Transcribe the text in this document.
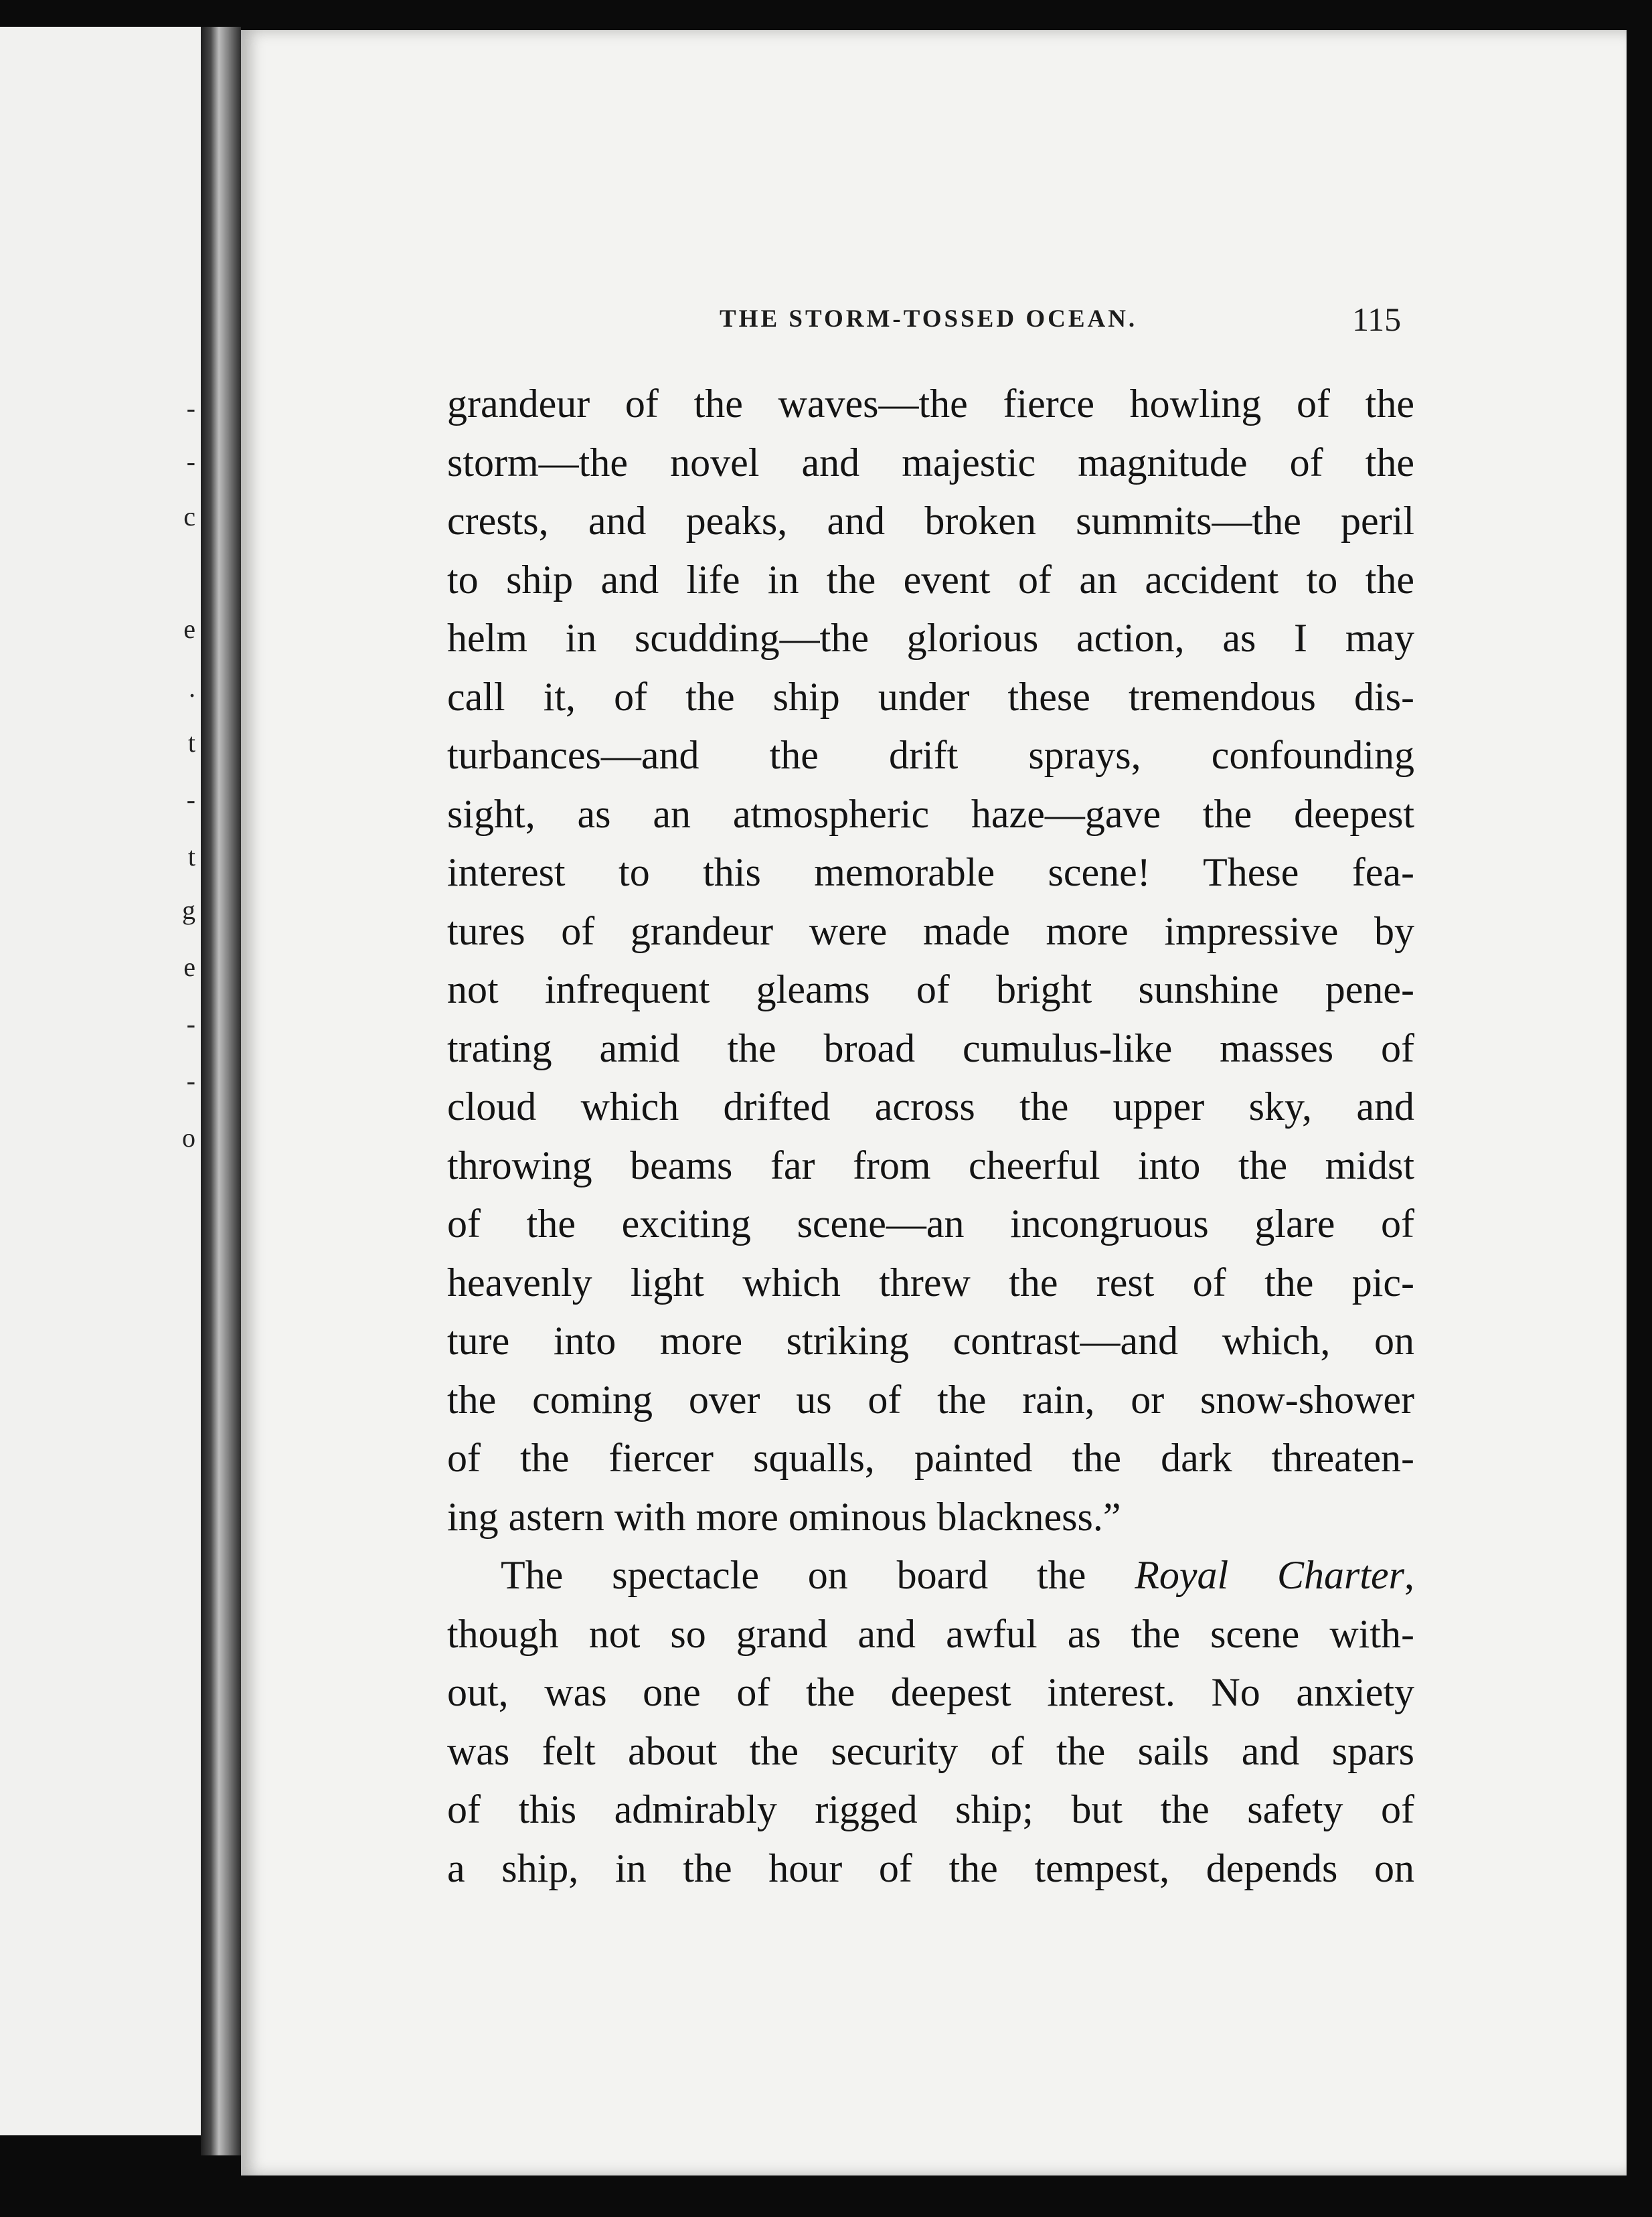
-
-
c
e
.
t
-
t
g
e
-
-
o
THE STORM-TOSSED OCEAN.	115
grandeur of the waves—the fierce howling of the
storm—the novel and majestic magnitude of the
crests, and peaks, and broken summits—the peril
to ship and life in the event of an accident to the
helm in scudding—the glorious action, as I may
call it, of the ship under these tremendous dis-
turbances—and the drift sprays, confounding
sight, as an atmospheric haze—gave the deepest
interest to this memorable scene! These fea-
tures of grandeur were made more impressive by
not infrequent gleams of bright sunshine pene-
trating amid the broad cumulus-like masses of
cloud which drifted across the upper sky, and
throwing beams far from cheerful into the midst
of the exciting scene—an incongruous glare of
heavenly light which threw the rest of the pic-
ture into more striking contrast—and which, on
the coming over us of the rain, or snow-shower
of the fiercer squalls, painted the dark threaten-
ing astern with more ominous blackness.”
The spectacle on board the Royal Charter,
though not so grand and awful as the scene with-
out, was one of the deepest interest. No anxiety
was felt about the security of the sails and spars
of this admirably rigged ship; but the safety of
a ship, in the hour of the tempest, depends on
